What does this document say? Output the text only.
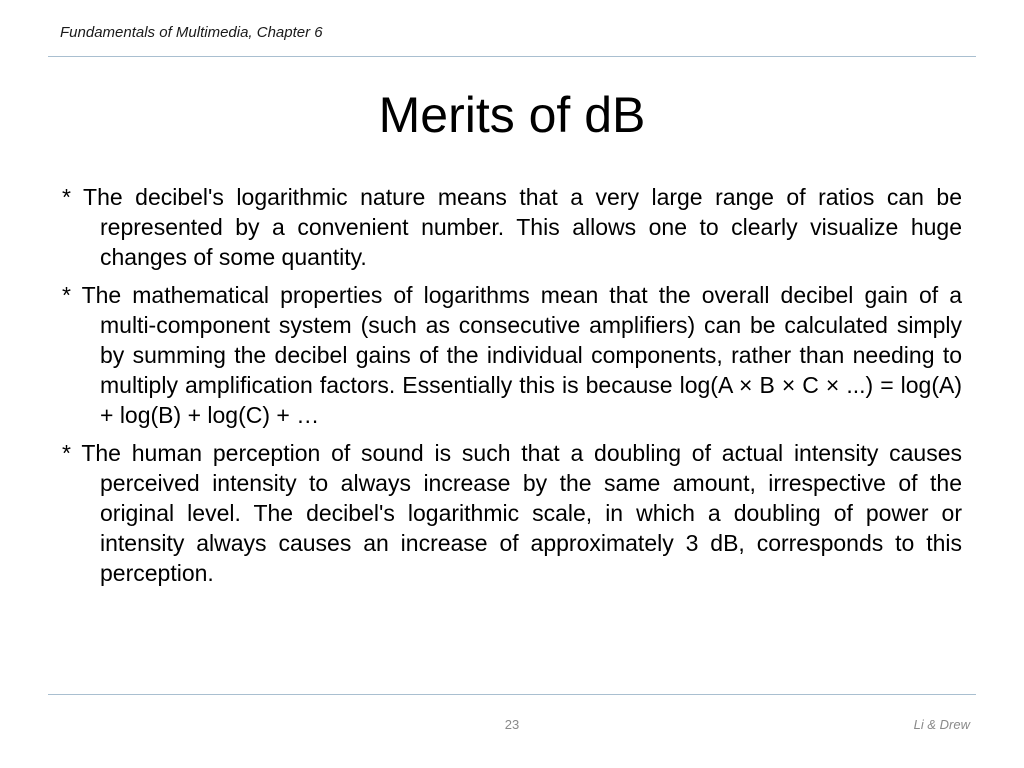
Fundamentals of Multimedia, Chapter 6
Merits of dB

* The decibel's logarithmic nature means that a very large range of ratios can be represented by a convenient number. This allows one to clearly visualize huge changes of some quantity.

* The mathematical properties of logarithms mean that the overall decibel gain of a multi-component system (such as consecutive amplifiers) can be calculated simply by summing the decibel gains of the individual components, rather than needing to multiply amplification factors. Essentially this is because log(A × B × C × ...) = log(A) + log(B) + log(C) + …

* The human perception of sound is such that a doubling of actual intensity causes perceived intensity to always increase by the same amount, irrespective of the original level. The decibel's logarithmic scale, in which a doubling of power or intensity always causes an increase of approximately 3 dB, corresponds to this perception.

23	Li & Drew
